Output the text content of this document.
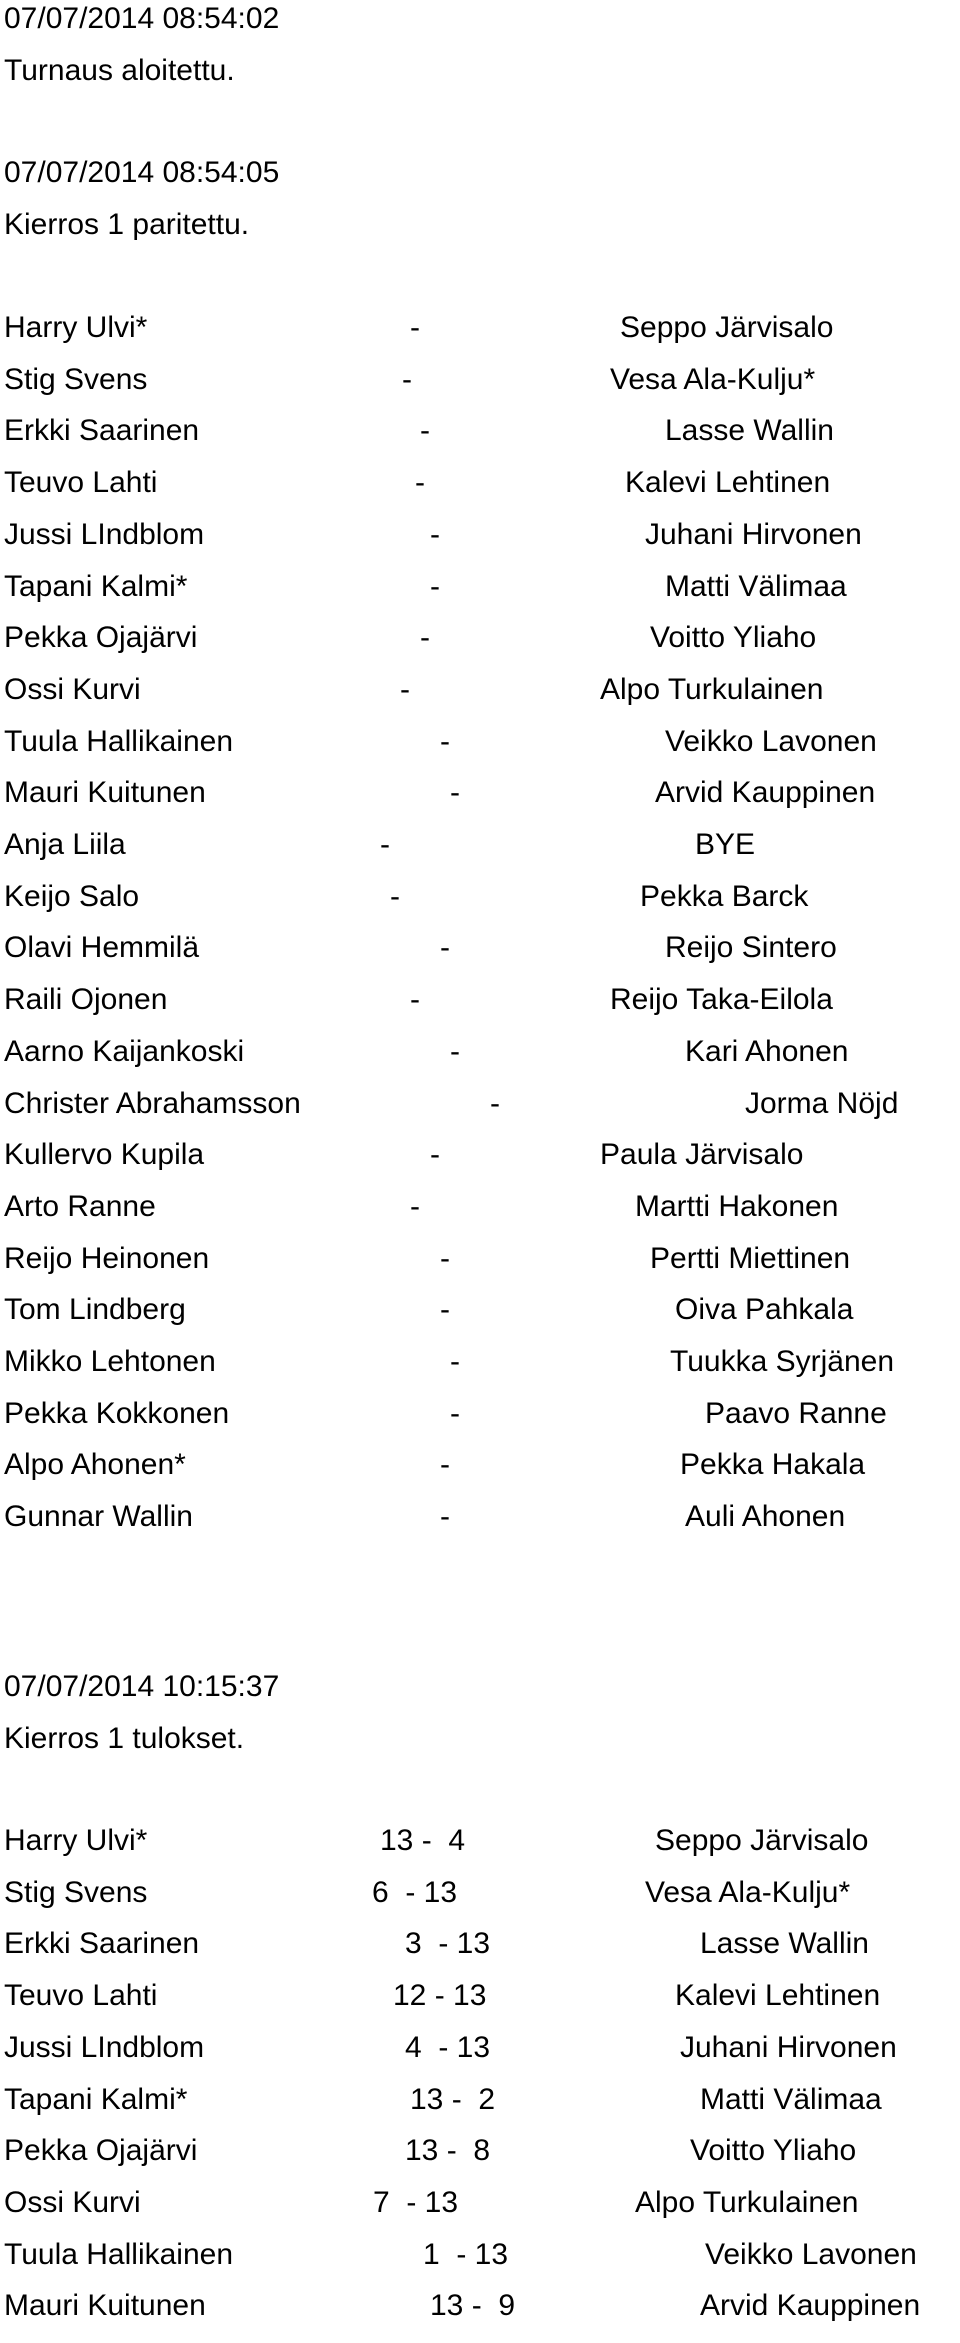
07/07/2014 08:54:02
Turnaus aloitettu.
07/07/2014 08:54:05
Kierros 1 paritettu.
Harry Ulvi*	-	Seppo Järvisalo
Stig Svens	-	Vesa Ala-Kulju*
Erkki Saarinen	-	Lasse Wallin
Teuvo Lahti	-	Kalevi Lehtinen
Jussi LIndblom	-	Juhani Hirvonen
Tapani Kalmi*	-	Matti Välimaa
Pekka Ojajärvi	-	Voitto Yliaho
Ossi Kurvi	-	Alpo Turkulainen
Tuula Hallikainen	-	Veikko Lavonen
Mauri Kuitunen	-	Arvid Kauppinen
Anja Liila	-	BYE
Keijo Salo	-	Pekka Barck
Olavi Hemmilä	-	Reijo Sintero
Raili Ojonen	-	Reijo Taka-Eilola
Aarno Kaijankoski	-	Kari Ahonen
Christer Abrahamsson	-	Jorma Nöjd
Kullervo Kupila	-	Paula Järvisalo
Arto Ranne	-	Martti Hakonen
Reijo Heinonen	-	Pertti Miettinen
Tom Lindberg	-	Oiva Pahkala
Mikko Lehtonen	-	Tuukka Syrjänen
Pekka Kokkonen	-	Paavo Ranne
Alpo Ahonen*	-	Pekka Hakala
Gunnar Wallin	-	Auli Ahonen
07/07/2014 10:15:37
Kierros 1 tulokset.
Harry Ulvi*	13 -  4	Seppo Järvisalo
Stig Svens	6  - 13	Vesa Ala-Kulju*
Erkki Saarinen	3  - 13	Lasse Wallin
Teuvo Lahti	12 - 13	Kalevi Lehtinen
Jussi LIndblom	4  - 13	Juhani Hirvonen
Tapani Kalmi*	13 -  2	Matti Välimaa
Pekka Ojajärvi	13 -  8	Voitto Yliaho
Ossi Kurvi	7  - 13	Alpo Turkulainen
Tuula Hallikainen	1  - 13	Veikko Lavonen
Mauri Kuitunen	13 -  9	Arvid Kauppinen
